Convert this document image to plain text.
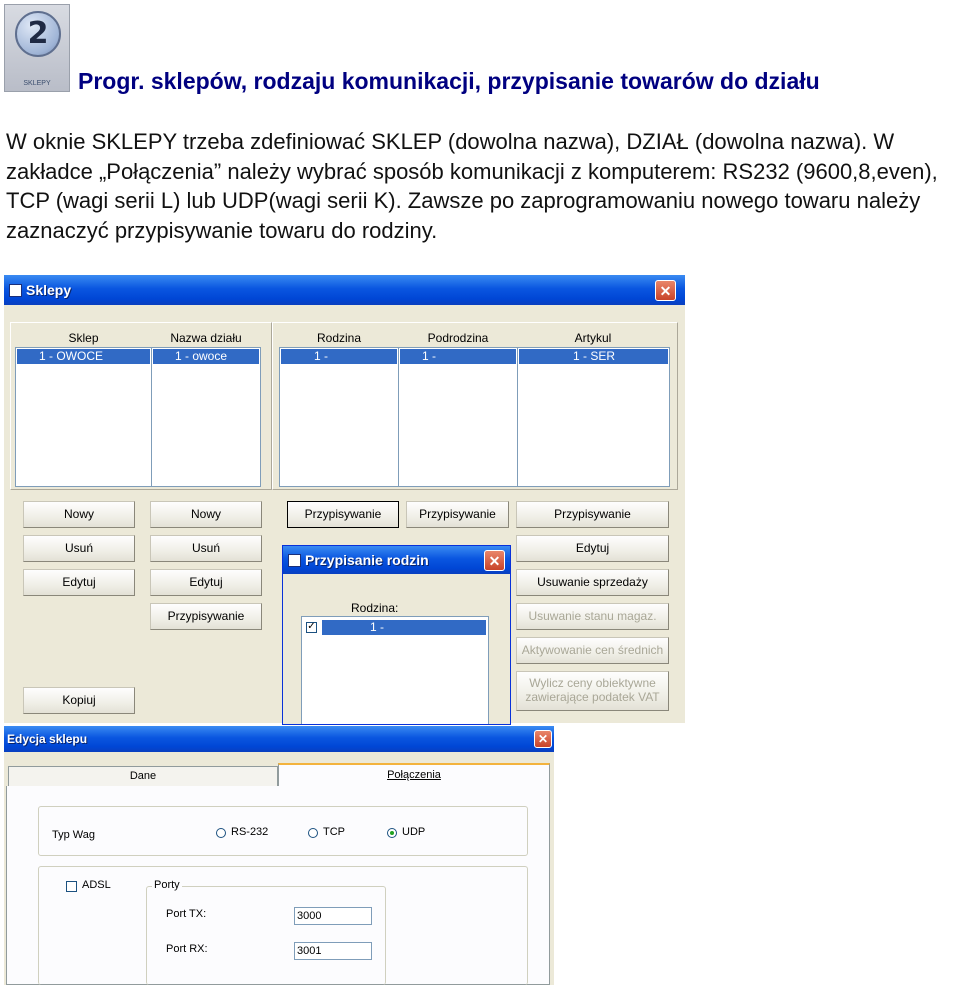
2
SKLEPY	Progr. sklepów, rodzaju komunikacji, przypisanie towarów do działu
W oknie SKLEPY trzeba zdefiniować SKLEP (dowolna nazwa), DZIAŁ (dowolna nazwa). W zakładce „Połączenia” należy wybrać sposób komunikacji z komputerem: RS232 (9600,8,even), TCP (wagi serii L) lub UDP(wagi serii K). Zawsze po zaprogramowaniu nowego towaru należy zaznaczyć przypisywanie towaru do rodziny.
Sklepy	✕
Sklep	Nazwa działu	Rodzina	Podrodzina	Artykul
1 - OWOCE	1 - owoce	1 -	1 -	1 - SER
Nowy
Usuń
Edytuj
Kopiuj
Nowy
Usuń
Edytuj
Przypisywanie
Przypisywanie	Przypisywanie	Przypisywanie
Edytuj
Usuwanie sprzedaży
Usuwanie stanu magaz.
Aktywowanie cen średnich
Wylicz ceny obiektywne
zawierające podatek VAT
Przypisanie rodzin	✕
Rodzina:
✓	1 -
Edycja sklepu	✕
Dane	Połączenia
Typ Wag	RS-232	TCP	UDP
ADSL	Porty
Port TX:	3000
Port RX:	3001
